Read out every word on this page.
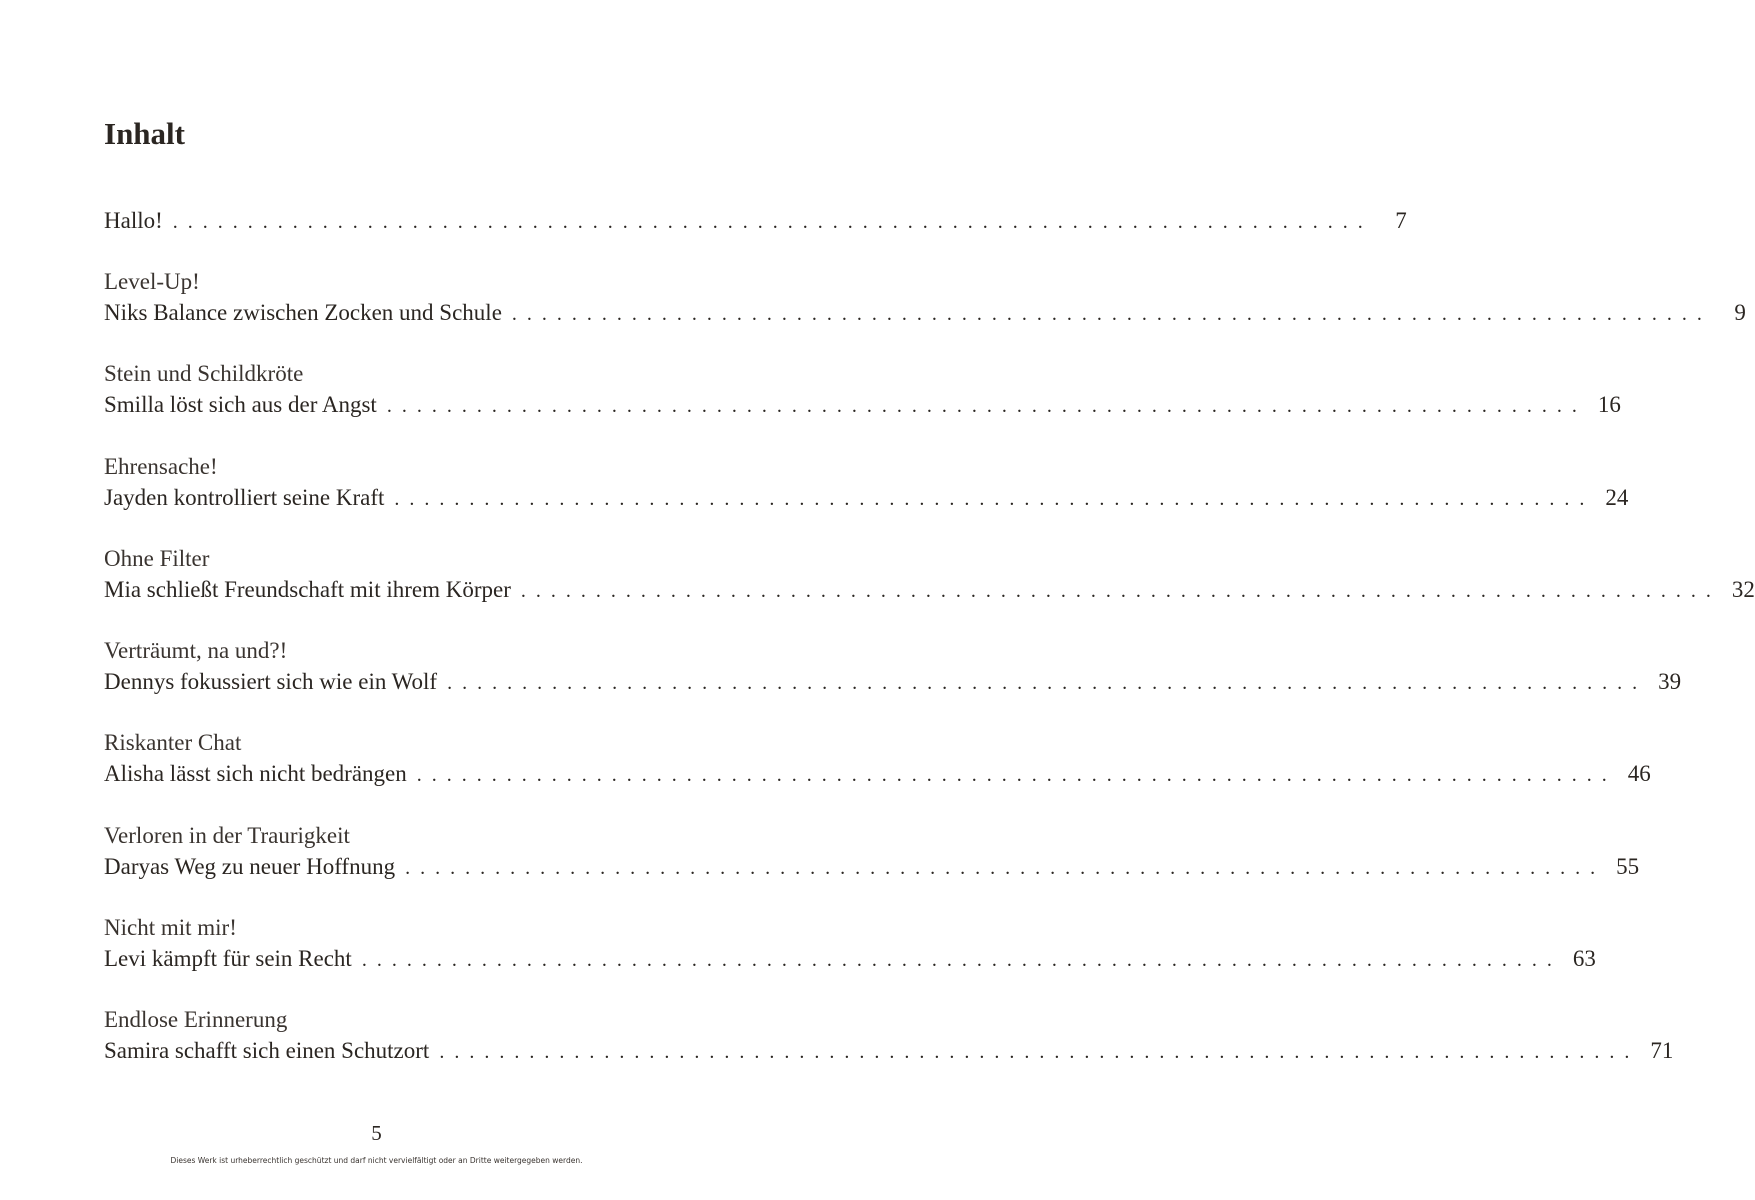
Inhalt
Hallo! . . . . . . . . . . . . . . . . . . . . . . . . . . . . . . . . . . . . . . . . . . . . . . . . . . . . . . . . . . . . . . . . . . . . . . . . . . . . . . . .	7
Level-Up!
Niks Balance zwischen Zocken und Schule . . . . . . . . . . . . . . . . . . . . . . . . . . . . . . . . . . . . . . . . . . . . . . . . . . . . . . . . . . . . . . . . . . . . . . . . . . . . . . . .	9
Stein und Schildkröte
Smilla löst sich aus der Angst . . . . . . . . . . . . . . . . . . . . . . . . . . . . . . . . . . . . . . . . . . . . . . . . . . . . . . . . . . . . . . . . . . . . . . . . . . . . . . . . 16
Ehrensache!
Jayden kontrolliert seine Kraft . . . . . . . . . . . . . . . . . . . . . . . . . . . . . . . . . . . . . . . . . . . . . . . . . . . . . . . . . . . . . . . . . . . . . . . . . . . . . . . . 24
Ohne Filter
Mia schließt Freundschaft mit ihrem Körper . . . . . . . . . . . . . . . . . . . . . . . . . . . . . . . . . . . . . . . . . . . . . . . . . . . . . . . . . . . . . . . . . . . . . . . . . . . . . . . . 32
Verträumt, na und?!
Dennys fokussiert sich wie ein Wolf . . . . . . . . . . . . . . . . . . . . . . . . . . . . . . . . . . . . . . . . . . . . . . . . . . . . . . . . . . . . . . . . . . . . . . . . . . . . . . . . 39
Riskanter Chat
Alisha lässt sich nicht bedrängen . . . . . . . . . . . . . . . . . . . . . . . . . . . . . . . . . . . . . . . . . . . . . . . . . . . . . . . . . . . . . . . . . . . . . . . . . . . . . . . . 46
Verloren in der Traurigkeit
Daryas Weg zu neuer Hoffnung . . . . . . . . . . . . . . . . . . . . . . . . . . . . . . . . . . . . . . . . . . . . . . . . . . . . . . . . . . . . . . . . . . . . . . . . . . . . . . . . 55
Nicht mit mir!
Levi kämpft für sein Recht . . . . . . . . . . . . . . . . . . . . . . . . . . . . . . . . . . . . . . . . . . . . . . . . . . . . . . . . . . . . . . . . . . . . . . . . . . . . . . . . 63
Endlose Erinnerung
Samira schafft sich einen Schutzort . . . . . . . . . . . . . . . . . . . . . . . . . . . . . . . . . . . . . . . . . . . . . . . . . . . . . . . . . . . . . . . . . . . . . . . . . . . . . . . . 71
5
Dieses Werk ist urheberrechtlich geschützt und darf nicht vervielfältigt oder an Dritte weitergegeben werden.
